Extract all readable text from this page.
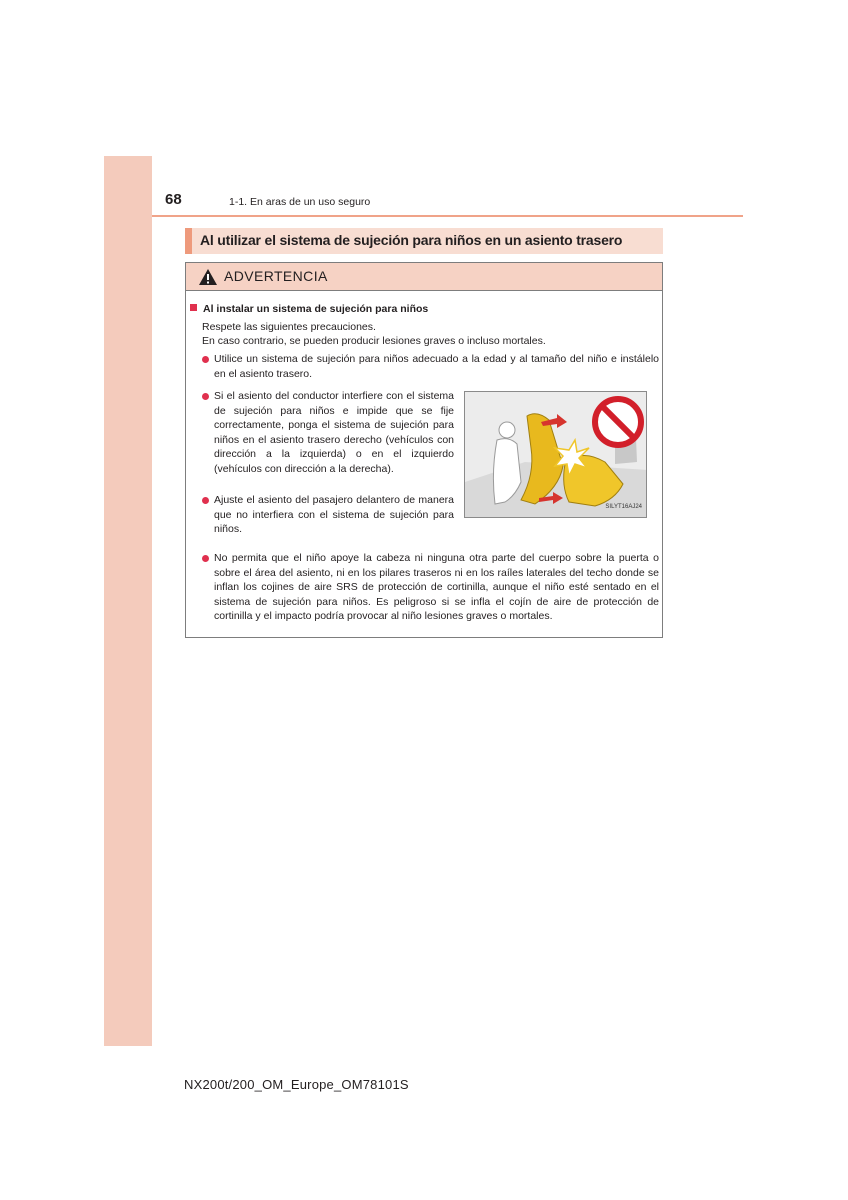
68	1-1. En aras de un uso seguro
Al utilizar el sistema de sujeción para niños en un asiento trasero
ADVERTENCIA
Al instalar un sistema de sujeción para niños
Respete las siguientes precauciones.
En caso contrario, se pueden producir lesiones graves o incluso mortales.
Utilice un sistema de sujeción para niños adecuado a la edad y al tamaño del niño e instálelo en el asiento trasero.
Si el asiento del conductor interfiere con el sistema de sujeción para niños e impide que se fije correctamente, ponga el sistema de sujeción para niños en el asiento trasero derecho (vehículos con dirección a la izquierda) o en el izquierdo (vehículos con dirección a la derecha).
Ajuste el asiento del pasajero delantero de manera que no interfiera con el sistema de sujeción para niños.
SILYT16AJ24
No permita que el niño apoye la cabeza ni ninguna otra parte del cuerpo sobre la puerta o sobre el área del asiento, ni en los pilares traseros ni en los raíles laterales del techo donde se inflan los cojines de aire SRS de protección de cortinilla, aunque el niño esté sentado en el sistema de sujeción para niños. Es peligroso si se infla el cojín de aire de protección de cortinilla y el impacto podría provocar al niño lesiones graves o mortales.
NX200t/200_OM_Europe_OM78101S
